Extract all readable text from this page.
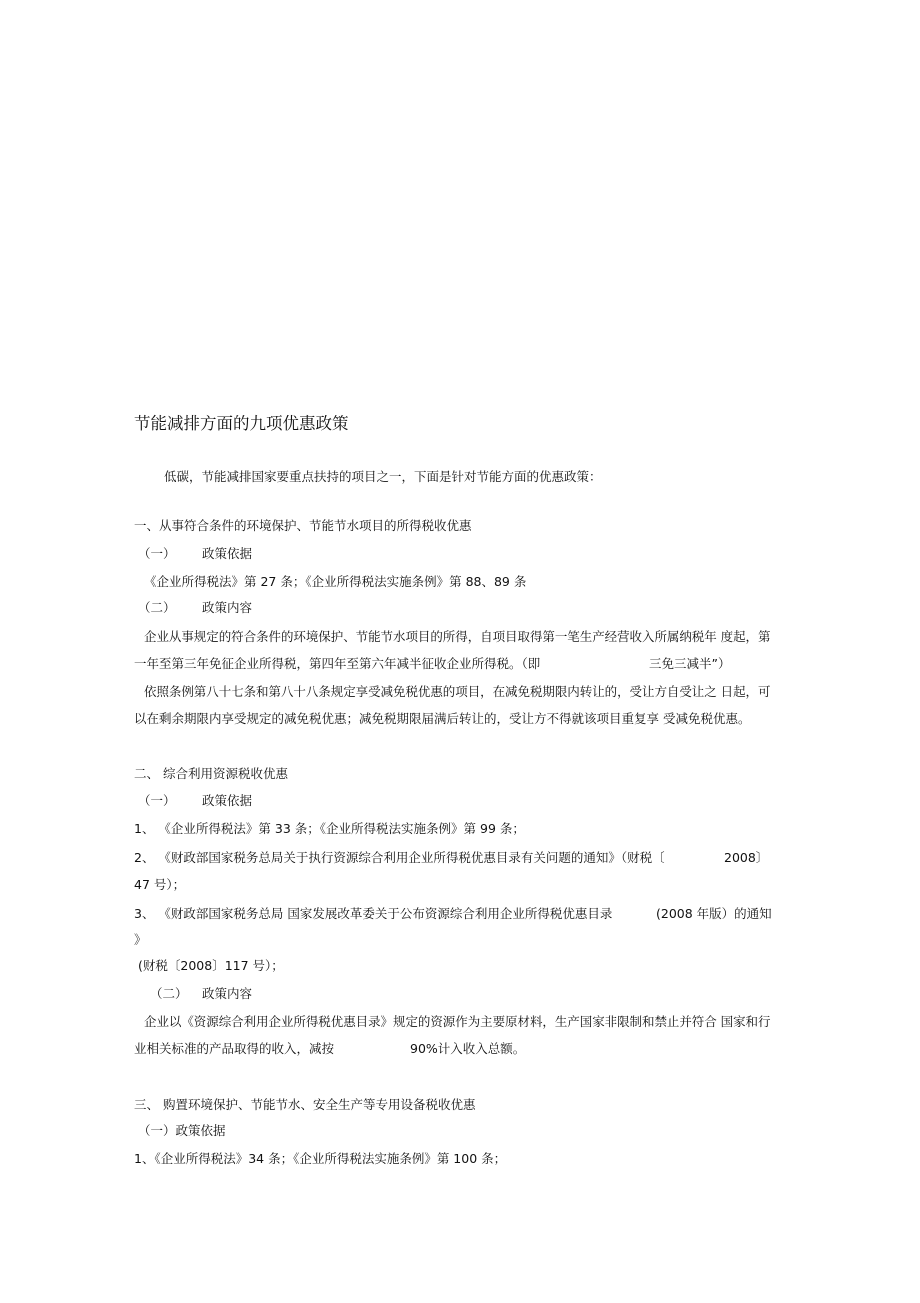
节能减排方面的九项优惠政策
低碳，节能减排国家要重点扶持的项目之一，下面是针对节能方面的优惠政策：
一、从事符合条件的环境保护、节能节水项目的所得税收优惠
（一） 政策依据
《企业所得税法》第 27 条；《企业所得税法实施条例》第 88、89 条
（二） 政策内容
企业从事规定的符合条件的环境保护、节能节水项目的所得，自项目取得第一笔生产经营收入所属纳税年 度起，第
一年至第三年免征企业所得税，第四年至第六年减半征收企业所得税。（即	三免三减半”）
依照条例第八十七条和第八十八条规定享受减免税优惠的项目，在减免税期限内转让的，受让方自受让之 日起，可
以在剩余期限内享受规定的减免税优惠；减免税期限届满后转让的，受让方不得就该项目重复享 受减免税优惠。
二、 综合利用资源税收优惠
（一） 政策依据
1、 《企业所得税法》第 33 条；《企业所得税法实施条例》第 99 条；
2、 《财政部国家税务总局关于执行资源综合利用企业所得税优惠目录有关问题的通知》（财税〔	2008〕
47 号）；
3、 《财政部国家税务总局 国家发展改革委关于公布资源综合利用企业所得税优惠目录	(2008 年版）的通知
》
(财税〔2008〕117 号）；
（二） 政策内容
企业以《资源综合利用企业所得税优惠目录》规定的资源作为主要原材料，生产国家非限制和禁止并符合 国家和行
业相关标准的产品取得的收入，减按	90%计入收入总额。
三、 购置环境保护、节能节水、安全生产等专用设备税收优惠
（一）政策依据
1、《企业所得税法》34 条；《企业所得税法实施条例》第 100 条；
